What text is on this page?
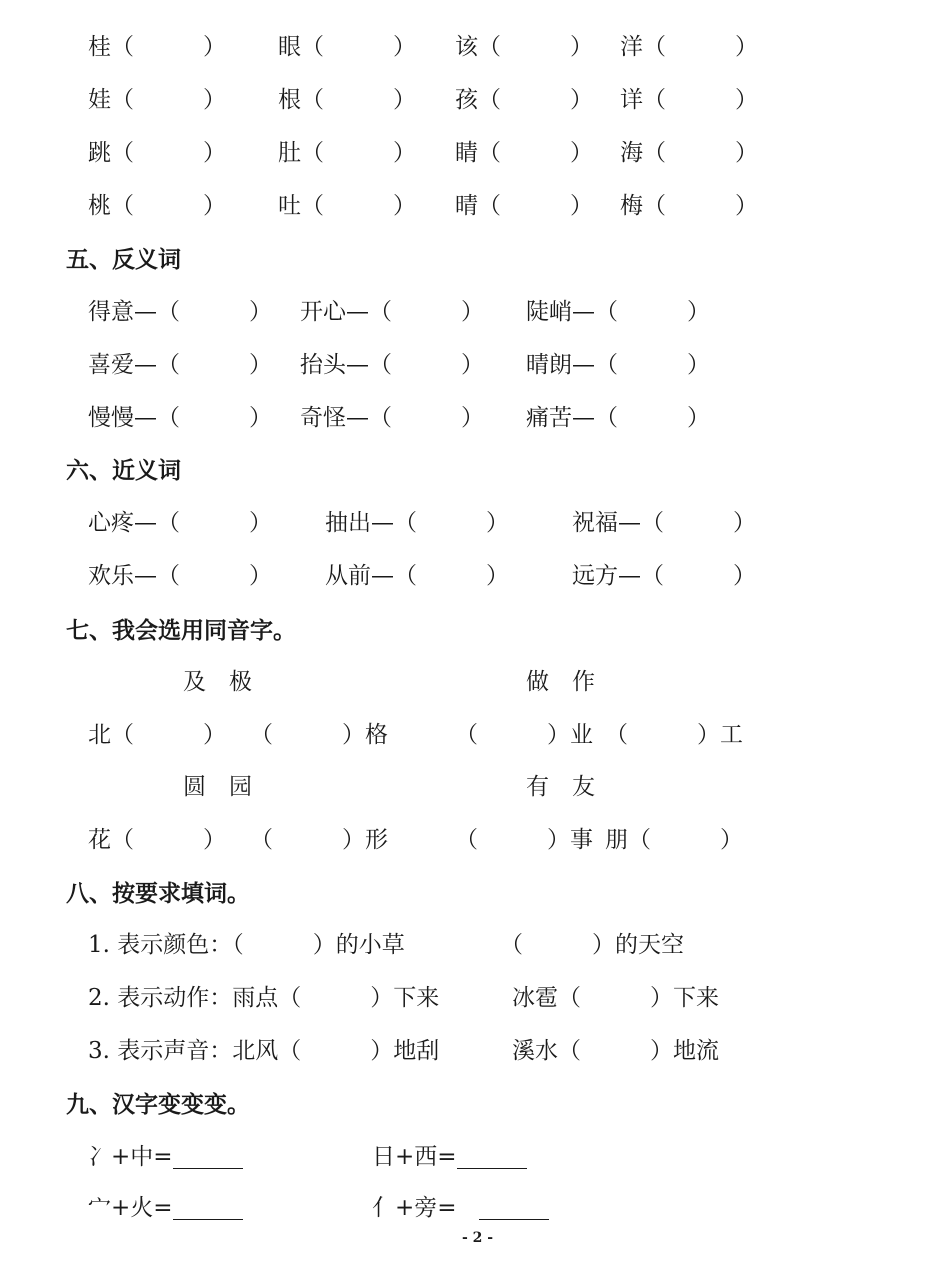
桂（　　　） 眼（　　　） 该（　　　） 洋（　　　）
娃（　　　） 根（　　　） 孩（　　　） 详（　　　）
跳（　　　） 肚（　　　） 睛（　　　） 海（　　　）
桃（　　　） 吐（　　　） 晴（　　　） 梅（　　　）
五、反义词
得意—（　　　） 开心—（　　　） 陡峭—（　　　）
喜爱—（　　　） 抬头—（　　　） 晴朗—（　　　）
慢慢—（　　　） 奇怪—（　　　） 痛苦—（　　　）
六、近义词
心疼—（　　　） 抽出—（　　　）	祝福—（　　　）
欢乐—（　　　） 从前—（　　　）	远方—（　　　）
七、我会选用同音字。
及　极	做　作
北（　　　） （　　　）格	（　　　）业 （　　　）工
圆　园	有　友
花（　　　） （　　　）形	（　　　）事 朋（　　　）
八、按要求填词。
1. 表示颜色：（　　　）的小草	（　　　）的天空
2. 表示动作：雨点（　　　）下来	冰雹（　　　）下来
3. 表示声音：北风（　　　）地刮	溪水（　　　）地流
九、汉字变变变。
冫+中=	日+西=
宀+火=	亻+旁=
- 2 -
